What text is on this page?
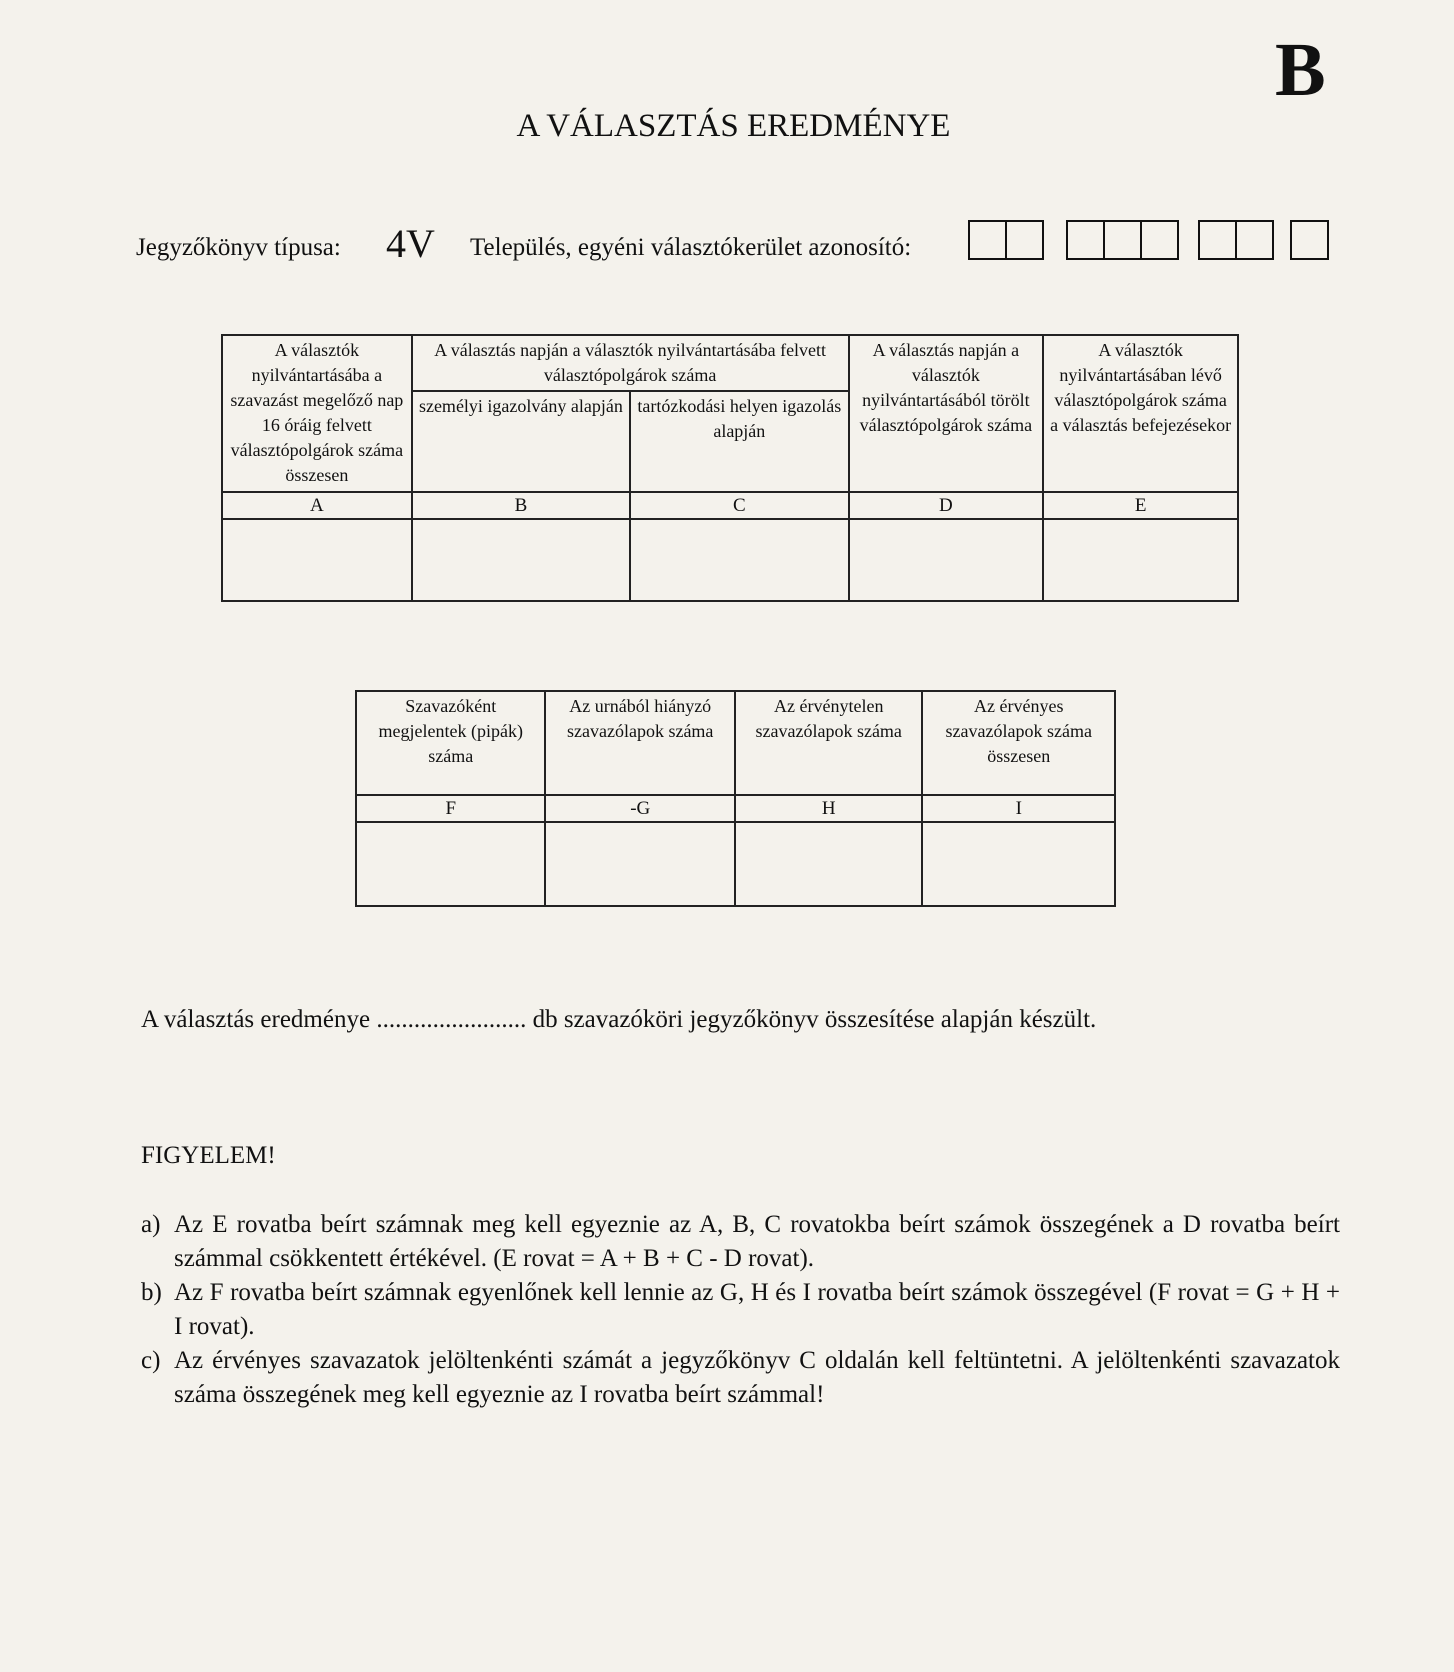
B
A VÁLASZTÁS EREDMÉNYE
Jegyzőkönyv típusa: 4V Település, egyéni választókerület azonosító:
A választók nyilvántartásába a szavazást megelőző nap 16 óráig felvett választópolgárok száma összesen	A választás napján a választók nyilvántartásába felvett választópolgárok száma		A választás napján a választók nyilvántartásából törölt választópolgárok száma	A választók nyilvántartásában lévő választópolgárok száma a választás befejezésekor
	személyi igazolvány alapján	tartózkodási helyen igazolás alapján		
A	B	C	D	E

Szavazóként megjelentek (pipák) száma	Az urnából hiányzó szavazólapok száma	Az érvénytelen szavazólapok száma	Az érvényes szavazólapok száma összesen
F	-G	H	I

A választás eredménye ........................ db szavazóköri jegyzőkönyv összesítése alapján készült.
FIGYELEM!
a) Az E rovatba beírt számnak meg kell egyeznie az A, B, C rovatokba beírt számok összegének a D rovatba beírt számmal csökkentett értékével. (E rovat = A + B + C - D rovat).
b) Az F rovatba beírt számnak egyenlőnek kell lennie az G, H és I rovatba beírt számok összegével (F rovat = G + H + I rovat).
c) Az érvényes szavazatok jelöltenkénti számát a jegyzőkönyv C oldalán kell feltüntetni. A jelöltenkénti szavazatok száma összegének meg kell egyeznie az I rovatba beírt számmal!
